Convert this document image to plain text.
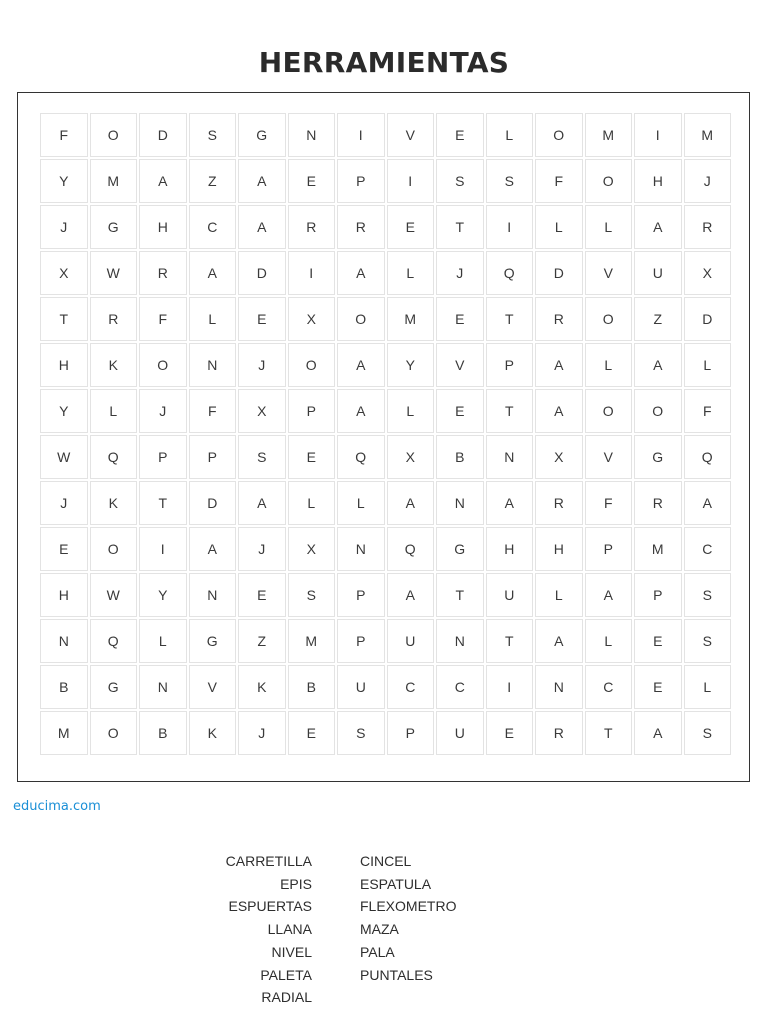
HERRAMIENTAS
F	O	D	S	G	N	I	V	E	L	O	M	I	M
Y	M	A	Z	A	E	P	I	S	S	F	O	H	J
J	G	H	C	A	R	R	E	T	I	L	L	A	R
X	W	R	A	D	I	A	L	J	Q	D	V	U	X
T	R	F	L	E	X	O	M	E	T	R	O	Z	D
H	K	O	N	J	O	A	Y	V	P	A	L	A	L
Y	L	J	F	X	P	A	L	E	T	A	O	O	F
W	Q	P	P	S	E	Q	X	B	N	X	V	G	Q
J	K	T	D	A	L	L	A	N	A	R	F	R	A
E	O	I	A	J	X	N	Q	G	H	H	P	M	C
H	W	Y	N	E	S	P	A	T	U	L	A	P	S
N	Q	L	G	Z	M	P	U	N	T	A	L	E	S
B	G	N	V	K	B	U	C	C	I	N	C	E	L
M	O	B	K	J	E	S	P	U	E	R	T	A	S
educima.com
CARRETILLA
EPIS
ESPUERTAS
LLANA
NIVEL
PALETA
RADIAL
CINCEL
ESPATULA
FLEXOMETRO
MAZA
PALA
PUNTALES
